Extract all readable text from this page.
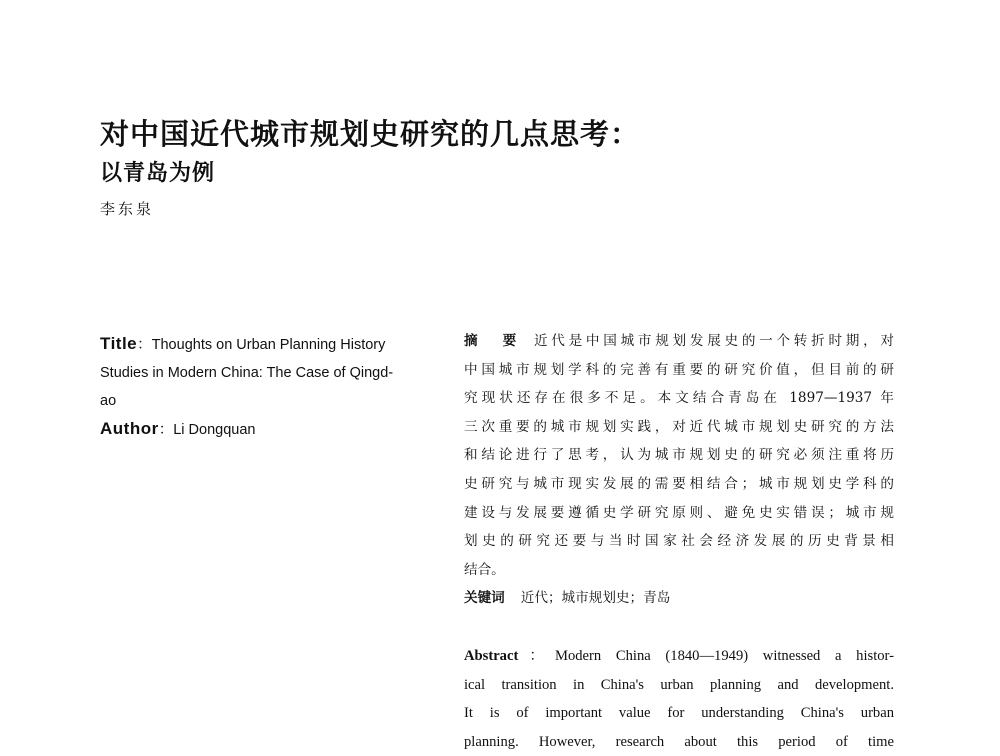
对中国近代城市规划史研究的几点思考：
以青岛为例
李东泉
Title：Thoughts on Urban Planning History
Studies in Modern China: The Case of Qingd-
ao
Author：Li Dongquan
摘　要 近代是中国城市规划发展史的一个转折时期，对
中国城市规划学科的完善有重要的研究价值，但目前的研
究现状还存在很多不足。本文结合青岛在 1897—1937 年
三次重要的城市规划实践，对近代城市规划史研究的方法
和结论进行了思考，认为城市规划史的研究必须注重将历
史研究与城市现实发展的需要相结合；城市规划史学科的
建设与发展要遵循史学研究原则、避免史实错误；城市规
划史的研究还要与当时国家社会经济发展的历史背景相
结合。
关键词 近代；城市规划史；青岛
Abstract：Modern China (1840—1949) witnessed a histor-
ical transition in China's urban planning and development.
It is of important value for understanding China's urban
planning. However, research about this period of time
